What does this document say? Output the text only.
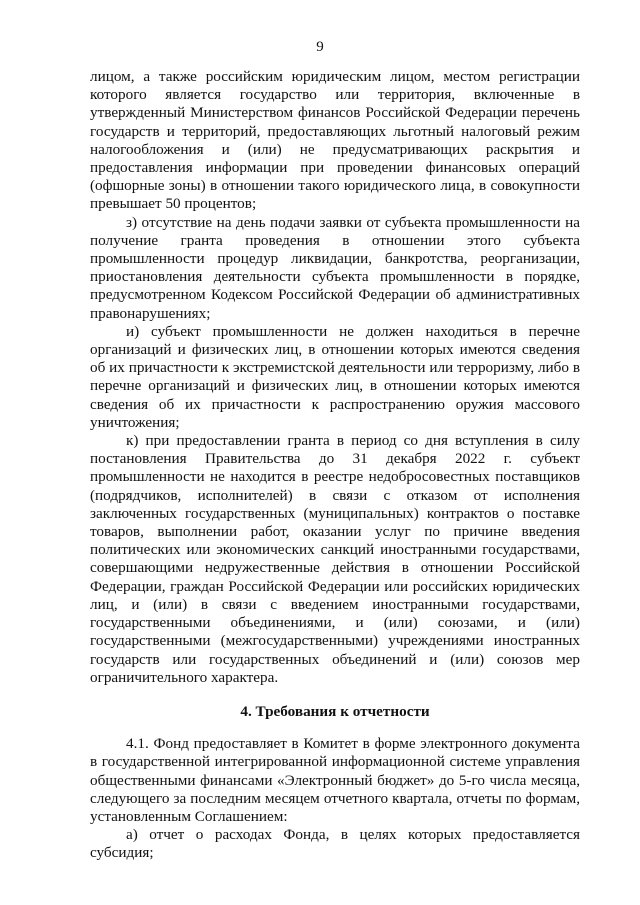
9

лицом, а также российским юридическим лицом, местом регистрации которого является государство или территория, включенные в утвержденный Министерством финансов Российской Федерации перечень государств и территорий, предоставляющих льготный налоговый режим налогообложения и (или) не предусматривающих раскрытия и предоставления информации при проведении финансовых операций (офшорные зоны) в отношении такого юридического лица, в совокупности превышает 50 процентов;

з) отсутствие на день подачи заявки от субъекта промышленности на получение гранта проведения в отношении этого субъекта промышленности процедур ликвидации, банкротства, реорганизации, приостановления деятельности субъекта промышленности в порядке, предусмотренном Кодексом Российской Федерации об административных правонарушениях;

и) субъект промышленности не должен находиться в перечне организаций и физических лиц, в отношении которых имеются сведения об их причастности к экстремистской деятельности или терроризму, либо в перечне организаций и физических лиц, в отношении которых имеются сведения об их причастности к распространению оружия массового уничтожения;

к) при предоставлении гранта в период со дня вступления в силу постановления Правительства до 31 декабря 2022 г. субъект промышленности не находится в реестре недобросовестных поставщиков (подрядчиков, исполнителей) в связи с отказом от исполнения заключенных государственных (муниципальных) контрактов о поставке товаров, выполнении работ, оказании услуг по причине введения политических или экономических санкций иностранными государствами, совершающими недружественные действия в отношении Российской Федерации, граждан Российской Федерации или российских юридических лиц, и (или) в связи с введением иностранными государствами, государственными объединениями, и (или) союзами, и (или) государственными (межгосударственными) учреждениями иностранных государств или государственных объединений и (или) союзов мер ограничительного характера.

4. Требования к отчетности

4.1. Фонд предоставляет в Комитет в форме электронного документа в государственной интегрированной информационной системе управления общественными финансами «Электронный бюджет» до 5-го числа месяца, следующего за последним месяцем отчетного квартала, отчеты по формам, установленным Соглашением:

а) отчет о расходах Фонда, в целях которых предоставляется субсидия;
